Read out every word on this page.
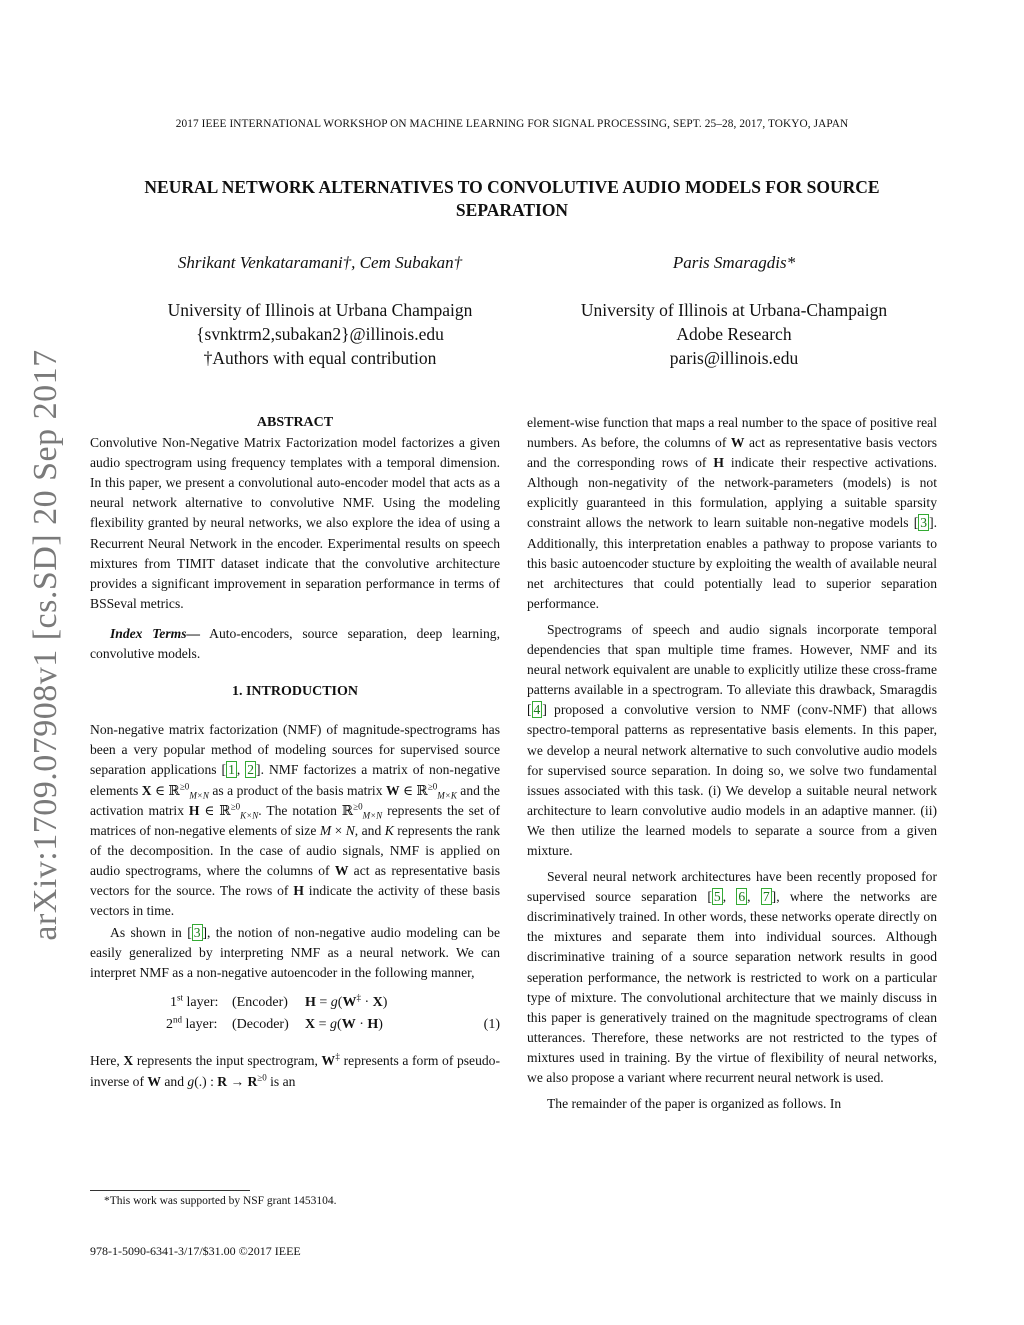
arXiv:1709.07908v1 [cs.SD] 20 Sep 2017
2017 IEEE INTERNATIONAL WORKSHOP ON MACHINE LEARNING FOR SIGNAL PROCESSING, SEPT. 25–28, 2017, TOKYO, JAPAN
NEURAL NETWORK ALTERNATIVES TO CONVOLUTIVE AUDIO MODELS FOR SOURCE
SEPARATION
Shrikant Venkataramani†, Cem Subakan†	Paris Smaragdis*
University of Illinois at Urbana Champaign
{svnktrm2,subakan2}@illinois.edu
†Authors with equal contribution
University of Illinois at Urbana-Champaign
Adobe Research
paris@illinois.edu

ABSTRACT

Convolutive Non-Negative Matrix Factorization model factorizes a given audio spectrogram using frequency templates with a temporal dimension. In this paper, we present a convolutional auto-encoder model that acts as a neural network alternative to convolutive NMF. Using the modeling flexibility granted by neural networks, we also explore the idea of using a Recurrent Neural Network in the encoder. Experimental results on speech mixtures from TIMIT dataset indicate that the convolutive architecture provides a significant improvement in separation performance in terms of BSSeval metrics.

Index Terms— Auto-encoders, source separation, deep learning, convolutive models.

1. INTRODUCTION

Non-negative matrix factorization (NMF) of magnitude-spectrograms has been a very popular method of modeling sources for supervised source separation applications [ 1 , 2 ]. NMF factorizes a matrix of non-negative elements X ∈ ℝ$^{\ge 0}_{M\times N}$ as a product of the basis matrix W ∈ ℝ$^{\ge 0}_{M\times K}$ and the activation matrix H ∈ ℝ$^{\ge 0}_{K\times N}$. The notation ℝ$^{\ge 0}_{M\times N}$ represents the set of matrices of non-negative elements of size M × N, and K represents the rank of the decomposition. In the case of audio signals, NMF is applied on audio spectrograms, where the columns of W act as representative basis vectors for the source. The rows of H indicate the activity of these basis vectors in time.

As shown in [ 3 ], the notion of non-negative audio modeling can be easily generalized by interpreting NMF as a neural network. We can interpret NMF as a non-negative autoencoder in the following manner,

1st layer: (Encoder) H = g(W‡ · X)
2nd layer: (Decoder) X = g(W · H)	(1)

Here, X represents the input spectrogram, W‡ represents a form of pseudo-inverse of W and g(.) : $R \to R^{\ge 0}$ is an

*This work was supported by NSF grant 1453104.
978-1-5090-6341-3/17/$31.00 ©2017 IEEE

element-wise function that maps a real number to the space of positive real numbers. As before, the columns of W act as representative basis vectors and the corresponding rows of H indicate their respective activations. Although non-negativity of the network-parameters (models) is not explicitly guaranteed in this formulation, applying a suitable sparsity constraint allows the network to learn suitable non-negative models [ 3 ]. Additionally, this interpretation enables a pathway to propose variants to this basic autoencoder stucture by exploiting the wealth of available neural net architectures that could potentially lead to superior separation performance.

Spectrograms of speech and audio signals incorporate temporal dependencies that span multiple time frames. However, NMF and its neural network equivalent are unable to explicitly utilize these cross-frame patterns available in a spectrogram. To alleviate this drawback, Smaragdis [ 4 ] proposed a convolutive version to NMF (conv-NMF) that allows spectro-temporal patterns as representative basis elements. In this paper, we develop a neural network alternative to such convolutive audio models for supervised source separation. In doing so, we solve two fundamental issues associated with this task. (i) We develop a suitable neural network architecture to learn convolutive audio models in an adaptive manner. (ii) We then utilize the learned models to separate a source from a given mixture.

Several neural network architectures have been recently proposed for supervised source separation [ 5 , 6 , 7 ], where the networks are discriminatively trained. In other words, these networks operate directly on the mixtures and separate them into individual sources. Although discriminative training of a source separation network results in good seperation performance, the network is restricted to work on a particular type of mixture. The convolutional architecture that we mainly discuss in this paper is generatively trained on the magnitude spectrograms of clean utterances. Therefore, these networks are not restricted to the types of mixtures used in training. By the virtue of flexibility of neural networks, we also propose a variant where recurrent neural network is used.

The remainder of the paper is organized as follows. In
